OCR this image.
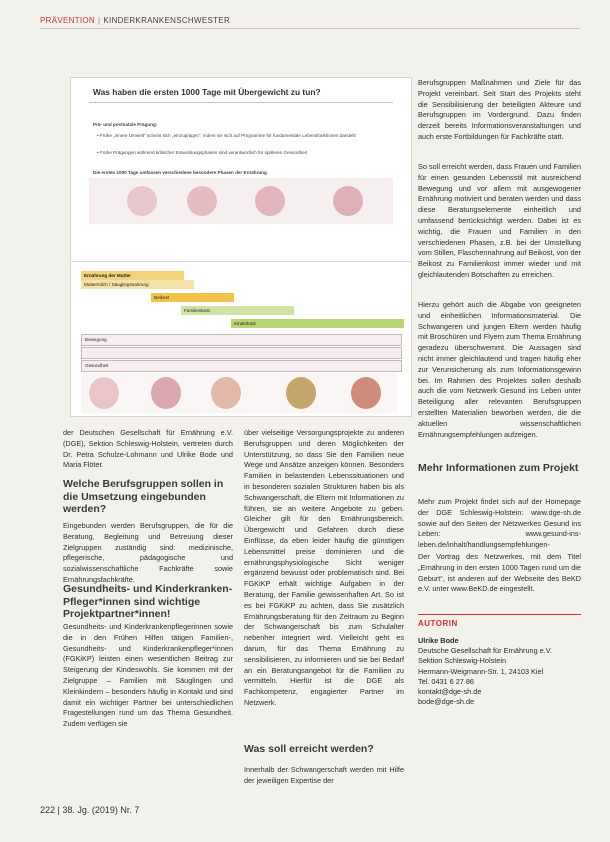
PRÄVENTION | KINDERKRANKENSCHWESTER
Was haben die ersten 1000 Tage mit Übergewicht zu tun?
Prä- und postnatale Prägung:
• Frühe „innere Umwelt“ scheint sich „einzuprägen“, indem sie sich auf Programme für fundamentale Lebensfunktionen darstellt
• Frühe Prägungen während kritischer Entwicklungsphasen sind verantwortlich für späteres Gesundheit
Die ersten 1000 Tage umfassen verschiedene besondere Phasen der Ernährung
Ernährung der Mutter
Muttermilch / Säuglingsnahrung
Beikost
Familienkost
Kinderkost
Bewegung
Gesundheit

der Deutschen Gesellschaft für Ernährung e.V. (DGE), Sektion Schleswig-Holstein, vertreten durch Dr. Petra Schulze-Lohmann und Ulrike Bode und Maria Flöter.

Welche Berufsgruppen sollen in die Umsetzung eingebunden werden?
Eingebunden werden Berufsgruppen, die für die Beratung, Begleitung und Betreuung dieser Zielgruppen zuständig sind: medizinische, pflegerische, pädagogische und sozialwissenschaftliche Fachkräfte sowie Ernährungsfachkräfte.
Gesundheits- und Kinderkranken-Pfleger*innen sind wichtige Projektpartner*innen!
Gesundheits- und Kinderkrankenpflegerinnen sowie die in den Frühen Hilfen tätigen Familien-, Gesundheits- und Kinderkrankenpfleger*innen (FGKiKP) leisten einen wesentlichen Beitrag zur Steigerung der Kindeswohls. Sie kommen mit der Zielgruppe – Familien mit Säuglingen und Kleinkindern – besonders häufig in Kontakt und sind damit ein wichtiger Partner bei unterschiedlichen Fragestellungen rund um das Thema Gesundheit. Zudem verfügen sie
über vielseitige Versorgungsprojekte zu anderen Berufsgruppen und deren Möglichkeiten der Unterstützung, so dass Sie den Familien neue Wege und Ansätze anzeigen können. Besonders Familien in belastenden Lebenssituationen und in besonderen sozialen Strukturen haben bis als Schwangerschaft, die Eltern mit Informationen zu führen, sie an weitere Angebote zu geben. Gleicher gilt für den Ernährungsbereich. Übergewicht und Gefahren durch diese Einflüsse, da eben leider häufig die günstigen Lebensmittel preise dominieren und die ernährungsphysiologische Sicht weniger ergänzend bewusst oder problematisch sind. Bei FGKiKP erhält wichtige Aufgaben in der Beratung, der Familie gewissenhaften Art. So ist es bei FGKiKP zu achten, dass Sie zusätzlich Ernährungsberatung für den Zeitraum zu Beginn der Schwangerschaft bis zum Schulalter nebenher integriert wird. Vielleicht geht es darum, für das Thema Ernährung zu sensibilisieren, zu informieren und sie bei Bedarf an ein Beratungsangebot für die Familien zu vermitteln. Hierfür ist die DGE als Fachkompetenz, engagierter Partner im Netzwerk.
Was soll erreicht werden?
Innerhalb der Schwangerschaft werden mit Hilfe der jeweiligen Expertise der
Berufsgruppen Maßnahmen und Ziele für das Projekt vereinbart. Seit Start des Projekts steht die Sensibilisierung der beteiligten Akteure und Berufsgruppen im Vordergrund. Dazu finden derzeit bereits Informationsveranstaltungen und auch erste Fortbildungen für Fachkräfte statt.
So soll erreicht werden, dass Frauen und Familien für einen gesunden Lebensstil mit ausreichend Bewegung und vor allem mit ausgewogener Ernährung motiviert und beraten werden und dass diese Beratungselemente einheitlich und umfassend berücksichtigt werden. Dabei ist es wichtig, die Frauen und Familien in den verschiedenen Phasen, z.B. bei der Umstellung vom Stillen, Flaschennahrung auf Beikost, von der Beikost zu Familienkost immer wieder und mit gleichlautenden Botschaften zu erreichen.
Hierzu gehört auch die Abgabe von geeigneten und einheitlichen Informationsmaterial. Die Schwangeren und jungen Eltern werden häufig mit Broschüren und Flyern zum Thema Ernährung geradezu überschwemmt. Die Aussagen sind nicht immer gleichlautend und tragen häufig eher zur Verunsicherung als zum Informationsgewinn bei. Im Rahmen des Projektes sollen deshalb auch die vom Netzwerk Gesund ins Leben unter Beteiligung aller relevanten Berufsgruppen erstellten Materialien beworben werden, die die aktuellen wissenschaftlichen Ernährungsempfehlungen aufzeigen.
Mehr Informationen zum Projekt
Mehr zum Projekt findet sich auf der Homepage der DGE Schleswig-Holstein: www.dge-sh.de sowie auf den Seiten der Netzwerkes Gesund ins Leben: www.gesund-ins-leben.de/inhalt/handlungsempfehlungen-
Der Vortrag des Netzwerkes, mit dem Titel „Ernährung in den ersten 1000 Tagen rund um die Geburt“, ist anderen auf der Webseite des BeKD e.V. unter www.BeKD.de eingestellt.
AUTORIN
Ulrike Bode
Deutsche Gesellschaft für Ernährung e.V.
Sektion Schleswig-Holstein
Hermann-Weigmann-Str. 1, 24103 Kiel
Tel. 0431 6 27 86
kontakt@dge-sh.de
bode@dge-sh.de
222 | 38. Jg. (2019) Nr. 7
